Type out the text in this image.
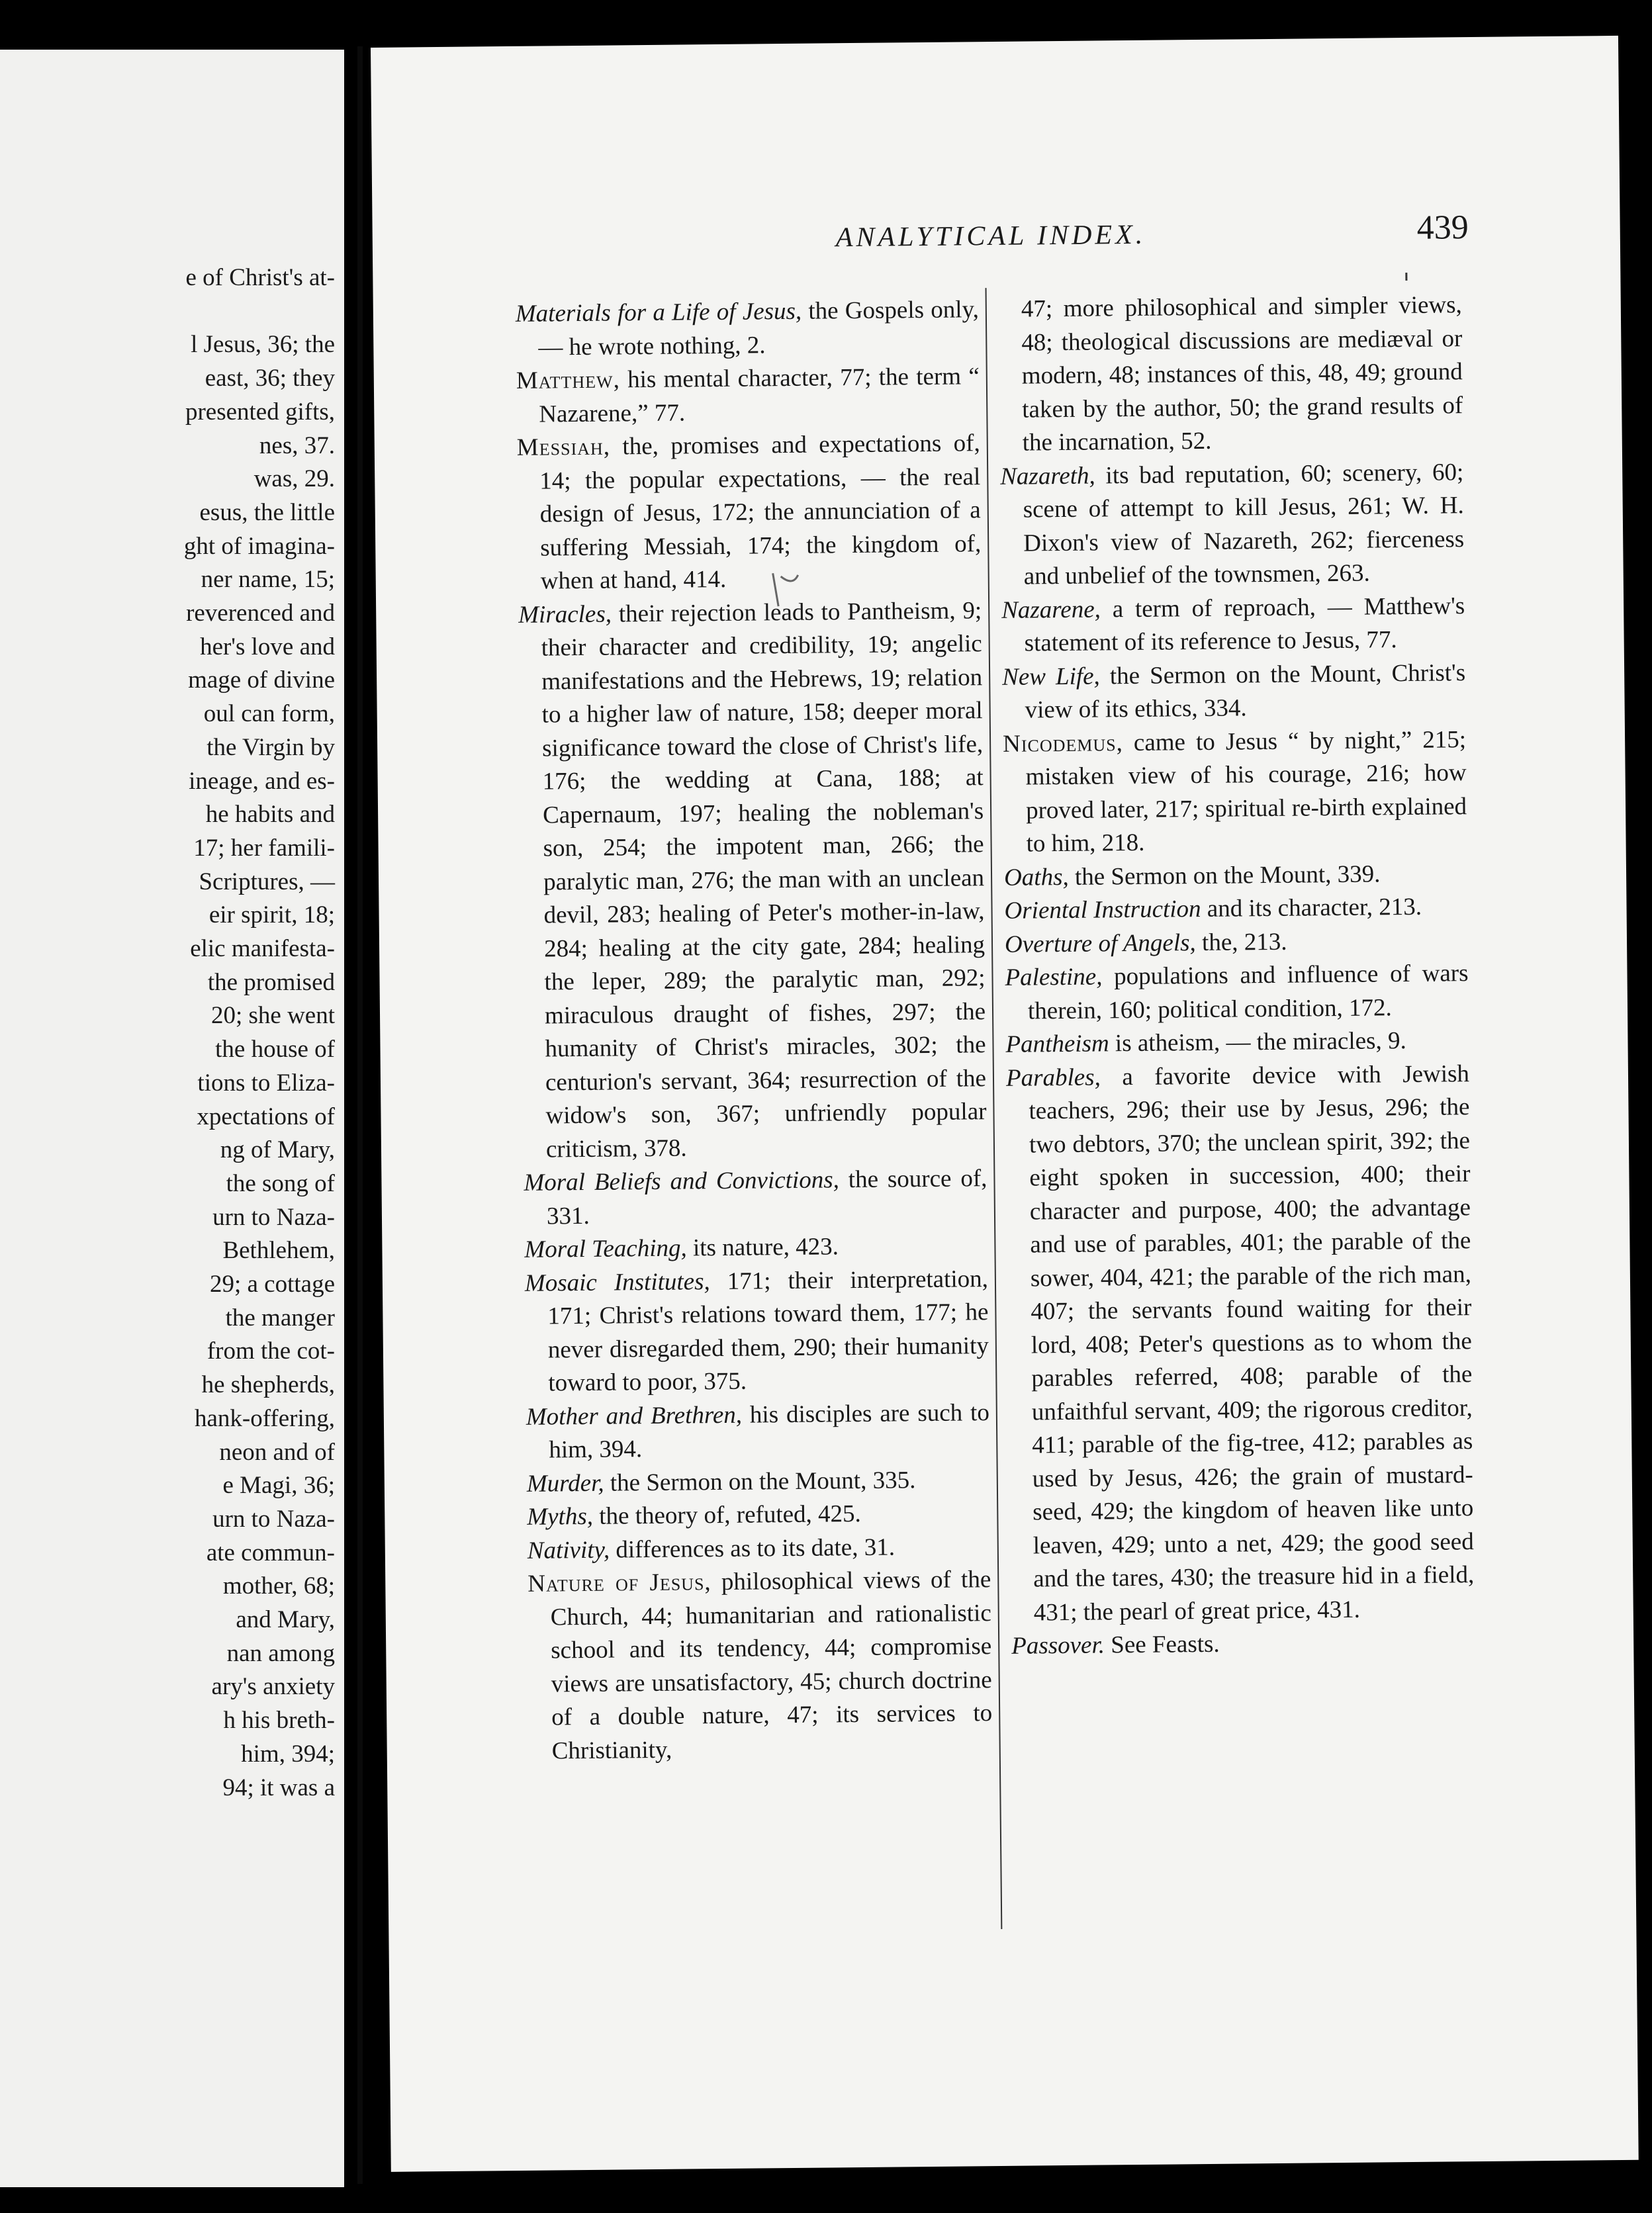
e of Christ's at-
l Jesus, 36; the
east, 36; they
presented gifts,
nes, 37.
was, 29.
esus, the little
ght of imagina-
ner name, 15;
reverenced and
her's love and
mage of divine
oul can form,
the Virgin by
ineage, and es-
he habits and
17; her famili-
Scriptures, —
eir spirit, 18;
elic manifesta-
the promised
20; she went
the house of
tions to Eliza-
xpectations of
ng of Mary,
the song of
urn to Naza-
Bethlehem,
29; a cottage
the manger
from the cot-
he shepherds,
hank-offering,
neon and of
e Magi, 36;
urn to Naza-
ate commun-
mother, 68;
and Mary,
nan among
ary's anxiety
h his breth-
him, 394;
94; it was a
ANALYTICAL INDEX.	439
Materials for a Life of Jesus, the Gospels only, — he wrote nothing, 2.
Matthew, his mental character, 77; the term “ Nazarene,” 77.
Messiah, the, promises and expectations of, 14; the popular expectations, — the real design of Jesus, 172; the annunciation of a suffering Messiah, 174; the kingdom of, when at hand, 414.
Miracles, their rejection leads to Pantheism, 9; their character and credibility, 19; angelic manifestations and the Hebrews, 19; relation to a higher law of nature, 158; deeper moral significance toward the close of Christ's life, 176; the wedding at Cana, 188; at Capernaum, 197; healing the nobleman's son, 254; the impotent man, 266; the paralytic man, 276; the man with an unclean devil, 283; healing of Peter's mother-in-law, 284; healing at the city gate, 284; healing the leper, 289; the paralytic man, 292; miraculous draught of fishes, 297; the humanity of Christ's miracles, 302; the centurion's servant, 364; resurrection of the widow's son, 367; unfriendly popular criticism, 378.
Moral Beliefs and Convictions, the source of, 331.
Moral Teaching, its nature, 423.
Mosaic Institutes, 171; their interpretation, 171; Christ's relations toward them, 177; he never disregarded them, 290; their humanity toward to poor, 375.
Mother and Brethren, his disciples are such to him, 394.
Murder, the Sermon on the Mount, 335.
Myths, the theory of, refuted, 425.
Nativity, differences as to its date, 31.
Nature of Jesus, philosophical views of the Church, 44; humanitarian and rationalistic school and its tendency, 44; compromise views are unsatisfactory, 45; church doctrine of a double nature, 47; its services to Christianity,
47; more philosophical and simpler views, 48; theological discussions are mediæval or modern, 48; instances of this, 48, 49; ground taken by the author, 50; the grand results of the incarnation, 52.
Nazareth, its bad reputation, 60; scenery, 60; scene of attempt to kill Jesus, 261; W. H. Dixon's view of Nazareth, 262; fierceness and unbelief of the townsmen, 263.
Nazarene, a term of reproach, — Matthew's statement of its reference to Jesus, 77.
New Life, the Sermon on the Mount, Christ's view of its ethics, 334.
Nicodemus, came to Jesus “ by night,” 215; mistaken view of his courage, 216; how proved later, 217; spiritual re-birth explained to him, 218.
Oaths, the Sermon on the Mount, 339.
Oriental Instruction and its character, 213.
Overture of Angels, the, 213.
Palestine, populations and influence of wars therein, 160; political condition, 172.
Pantheism is atheism, — the miracles, 9.
Parables, a favorite device with Jewish teachers, 296; their use by Jesus, 296; the two debtors, 370; the unclean spirit, 392; the eight spoken in succession, 400; their character and purpose, 400; the advantage and use of parables, 401; the parable of the sower, 404, 421; the parable of the rich man, 407; the servants found waiting for their lord, 408; Peter's questions as to whom the parables referred, 408; parable of the unfaithful servant, 409; the rigorous creditor, 411; parable of the fig-tree, 412; parables as used by Jesus, 426; the grain of mustard-seed, 429; the kingdom of heaven like unto leaven, 429; unto a net, 429; the good seed and the tares, 430; the treasure hid in a field, 431; the pearl of great price, 431.
Passover. See Feasts.
